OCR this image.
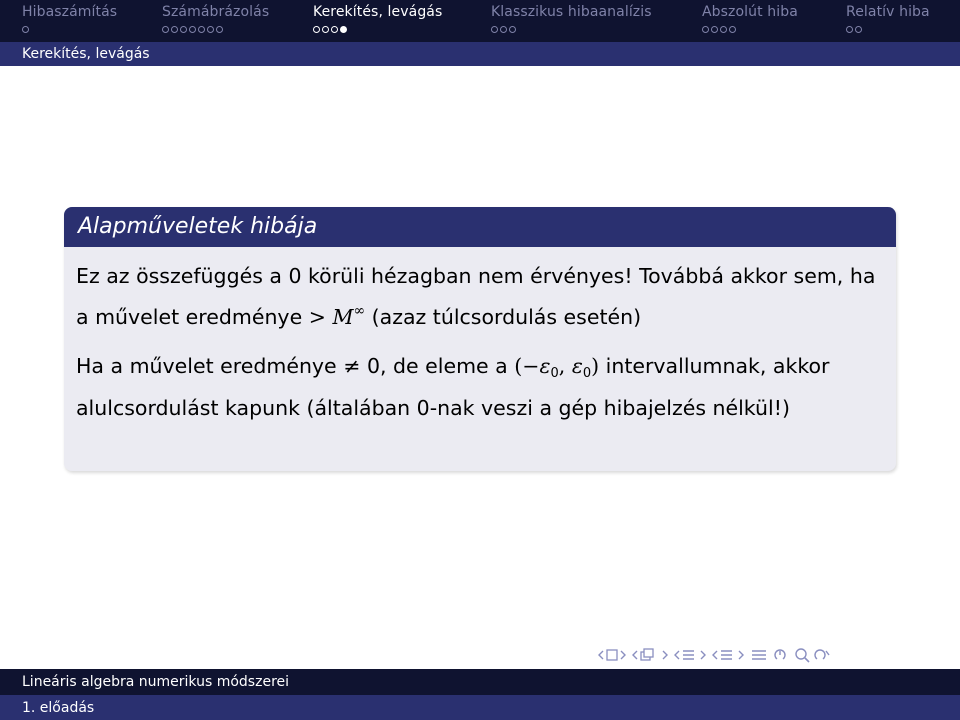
Hibaszámítás	Számábrázolás	Kerekítés, levágás	Klasszikus hibaanalízis	Abszolút hiba	Relatív hiba
Kerekítés, levágás
Alapműveletek hibája

Ez az összefüggés a 0 körüli hézagban nem érvényes! Továbbá akkor sem, ha a művelet eredménye > M∞ (azaz túlcsordulás esetén)

Ha a művelet eredménye ≠ 0, de eleme a ($-\varepsilon_0$, $\varepsilon_0$) intervallumnak, akkor alulcsordulást kapunk (általában 0-nak veszi a gép hibajelzés nélkül!)

Lineáris algebra numerikus módszerei
1. előadás
